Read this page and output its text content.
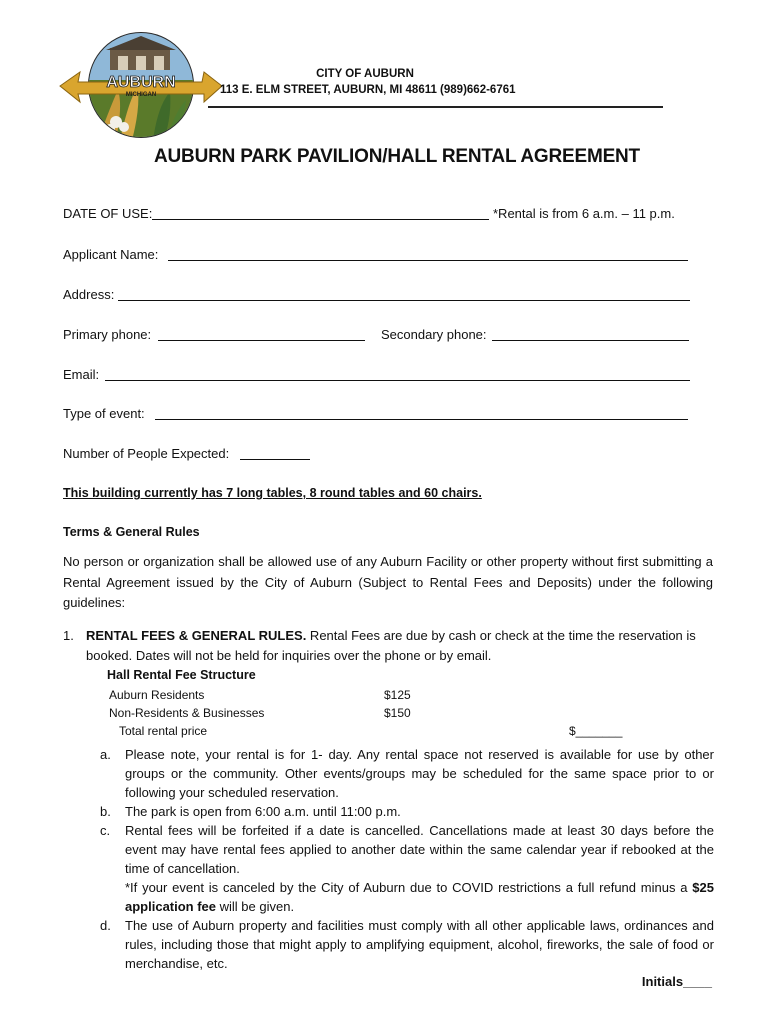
AUBURN
MICHIGAN
CITY OF AUBURN
113 E. ELM STREET, AUBURN, MI 48611 (989)662-6761
AUBURN PARK PAVILION/HALL RENTAL AGREEMENT
DATE OF USE:	*Rental is from 6 a.m. – 11 p.m.
Applicant Name:
Address:
Primary phone:	Secondary phone:
Email:
Type of event:
Number of People Expected:
This building currently has 7 long tables, 8 round tables and 60 chairs.
Terms & General Rules
No person or organization shall be allowed use of any Auburn Facility or other property without first submitting a Rental Agreement issued by the City of Auburn (Subject to Rental Fees and Deposits) under the following guidelines:
1. RENTAL FEES & GENERAL RULES. Rental Fees are due by cash or check at the time the reservation is booked. Dates will not be held for inquiries over the phone or by email.
Hall Rental Fee Structure
Auburn Residents	$125
Non-Residents & Businesses	$150
Total rental price	$_______
a. Please note, your rental is for 1- day. Any rental space not reserved is available for use by other groups or the community. Other events/groups may be scheduled for the same space prior to or following your scheduled reservation.
b. The park is open from 6:00 a.m. until 11:00 p.m.
c. Rental fees will be forfeited if a date is cancelled. Cancellations made at least 30 days before the event may have rental fees applied to another date within the same calendar year if rebooked at the time of cancellation.
*If your event is canceled by the City of Auburn due to COVID restrictions a full refund minus a $25 application fee will be given.
d. The use of Auburn property and facilities must comply with all other applicable laws, ordinances and rules, including those that might apply to amplifying equipment, alcohol, fireworks, the sale of food or merchandise, etc.
Initials____
